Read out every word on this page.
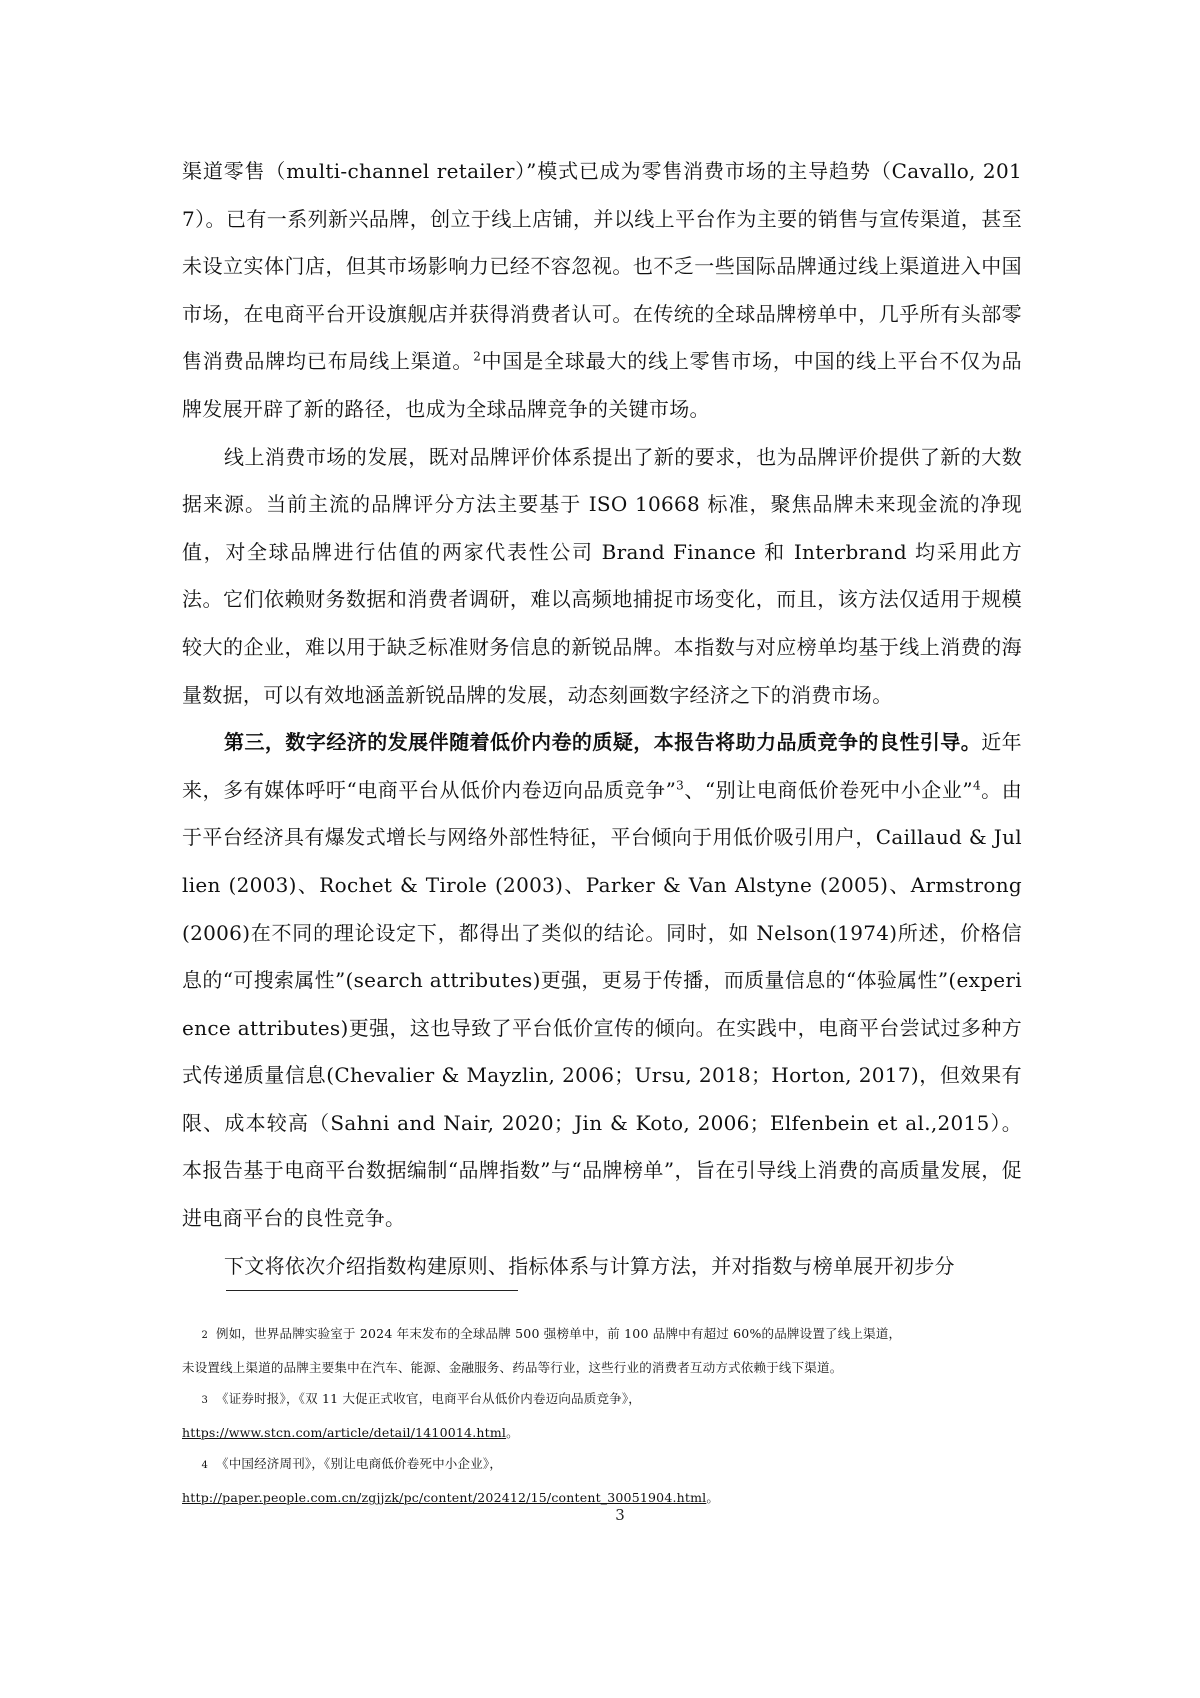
渠道零售（multi-channel retailer）”模式已成为零售消费市场的主导趋势（Cavallo, 2017）。已有一系列新兴品牌，创立于线上店铺，并以线上平台作为主要的销售与宣传渠道，甚至未设立实体门店，但其市场影响力已经不容忽视。也不乏一些国际品牌通过线上渠道进入中国市场，在电商平台开设旗舰店并获得消费者认可。在传统的全球品牌榜单中，几乎所有头部零售消费品牌均已布局线上渠道。$^2$中国是全球最大的线上零售市场，中国的线上平台不仅为品牌发展开辟了新的路径，也成为全球品牌竞争的关键市场。

线上消费市场的发展，既对品牌评价体系提出了新的要求，也为品牌评价提供了新的大数据来源。当前主流的品牌评分方法主要基于 ISO 10668 标准，聚焦品牌未来现金流的净现值，对全球品牌进行估值的两家代表性公司 Brand Finance 和 Interbrand 均采用此方法。它们依赖财务数据和消费者调研，难以高频地捕捉市场变化，而且，该方法仅适用于规模较大的企业，难以用于缺乏标准财务信息的新锐品牌。本指数与对应榜单均基于线上消费的海量数据，可以有效地涵盖新锐品牌的发展，动态刻画数字经济之下的消费市场。

第三，数字经济的发展伴随着低价内卷的质疑，本报告将助力品质竞争的良性引导。近年来，多有媒体呼吁“电商平台从低价内卷迈向品质竞争”$^3$、“别让电商低价卷死中小企业”$^4$。由于平台经济具有爆发式增长与网络外部性特征，平台倾向于用低价吸引用户，Caillaud & Jullien (2003)、Rochet & Tirole (2003)、Parker & Van Alstyne (2005)、Armstrong (2006)在不同的理论设定下，都得出了类似的结论。同时，如 Nelson(1974)所述，价格信息的“可搜索属性”(search attributes)更强，更易于传播，而质量信息的“体验属性”(experience attributes)更强，这也导致了平台低价宣传的倾向。在实践中，电商平台尝试过多种方式传递质量信息(Chevalier & Mayzlin, 2006；Ursu, 2018；Horton, 2017)，但效果有限、成本较高（Sahni and Nair, 2020；Jin & Koto, 2006；Elfenbein et al.,2015）。本报告基于电商平台数据编制“品牌指数”与“品牌榜单”，旨在引导线上消费的高质量发展，促进电商平台的良性竞争。

下文将依次介绍指数构建原则、指标体系与计算方法，并对指数与榜单展开初步分

2 例如，世界品牌实验室于 2024 年末发布的全球品牌 500 强榜单中，前 100 品牌中有超过 60%的品牌设置了线上渠道，

未设置线上渠道的品牌主要集中在汽车、能源、金融服务、药品等行业，这些行业的消费者互动方式依赖于线下渠道。

3 《证券时报》，《双 11 大促正式收官，电商平台从低价内卷迈向品质竞争》，

https://www.stcn.com/article/detail/1410014.html。

4 《中国经济周刊》，《别让电商低价卷死中小企业》，

http://paper.people.com.cn/zgjjzk/pc/content/202412/15/content_30051904.html。

3
